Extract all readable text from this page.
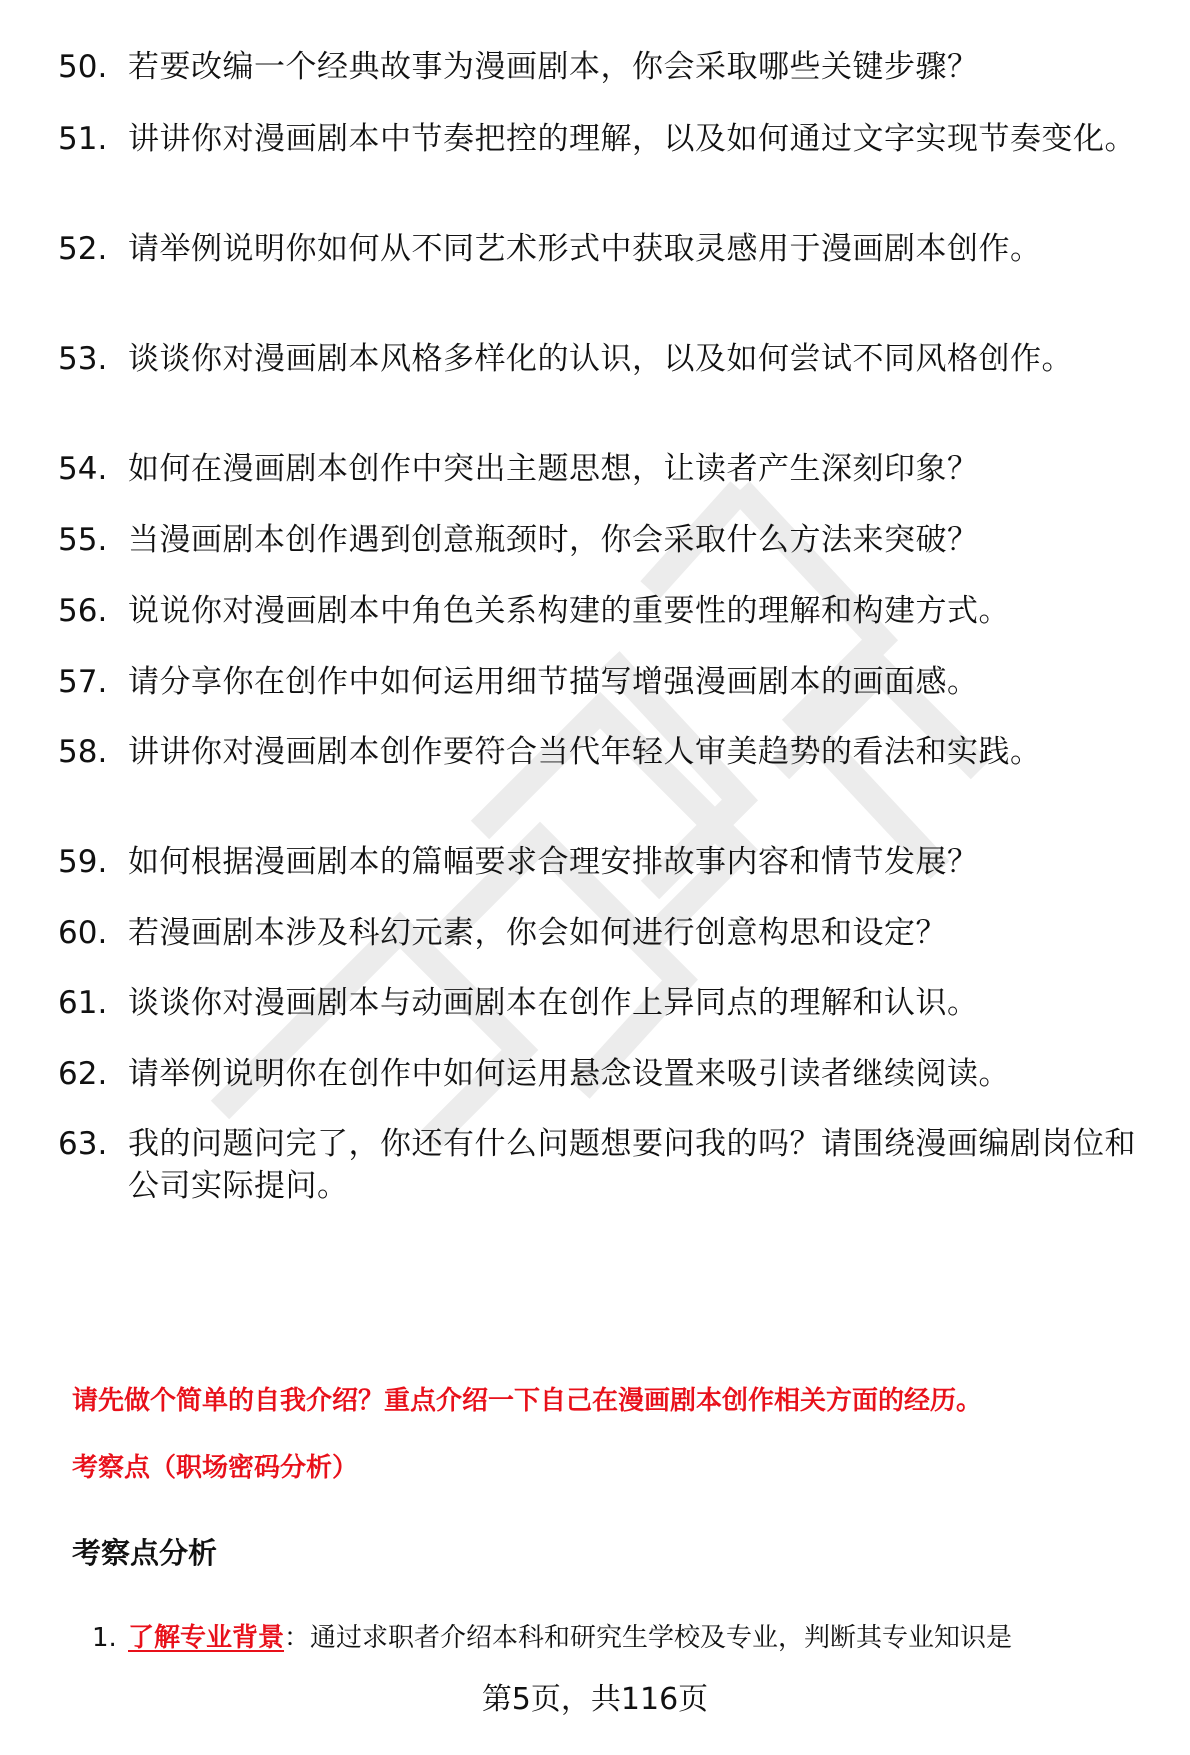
50. 若要改编一个经典故事为漫画剧本，你会采取哪些关键步骤？
51. 讲讲你对漫画剧本中节奏把控的理解，以及如何通过文字实现节奏变化。
52. 请举例说明你如何从不同艺术形式中获取灵感用于漫画剧本创作。
53. 谈谈你对漫画剧本风格多样化的认识，以及如何尝试不同风格创作。
54. 如何在漫画剧本创作中突出主题思想，让读者产生深刻印象？
55. 当漫画剧本创作遇到创意瓶颈时，你会采取什么方法来突破？
56. 说说你对漫画剧本中角色关系构建的重要性的理解和构建方式。
57. 请分享你在创作中如何运用细节描写增强漫画剧本的画面感。
58. 讲讲你对漫画剧本创作要符合当代年轻人审美趋势的看法和实践。
59. 如何根据漫画剧本的篇幅要求合理安排故事内容和情节发展？
60. 若漫画剧本涉及科幻元素，你会如何进行创意构思和设定？
61. 谈谈你对漫画剧本与动画剧本在创作上异同点的理解和认识。
62. 请举例说明你在创作中如何运用悬念设置来吸引读者继续阅读。
63. 我的问题问完了，你还有什么问题想要问我的吗？请围绕漫画编剧岗位和公司实际提问。
请先做个简单的自我介绍？重点介绍一下自己在漫画剧本创作相关方面的经历。
考察点（职场密码分析）
考察点分析
1. 了解专业背景：通过求职者介绍本科和研究生学校及专业，判断其专业知识是
第5页，共116页
